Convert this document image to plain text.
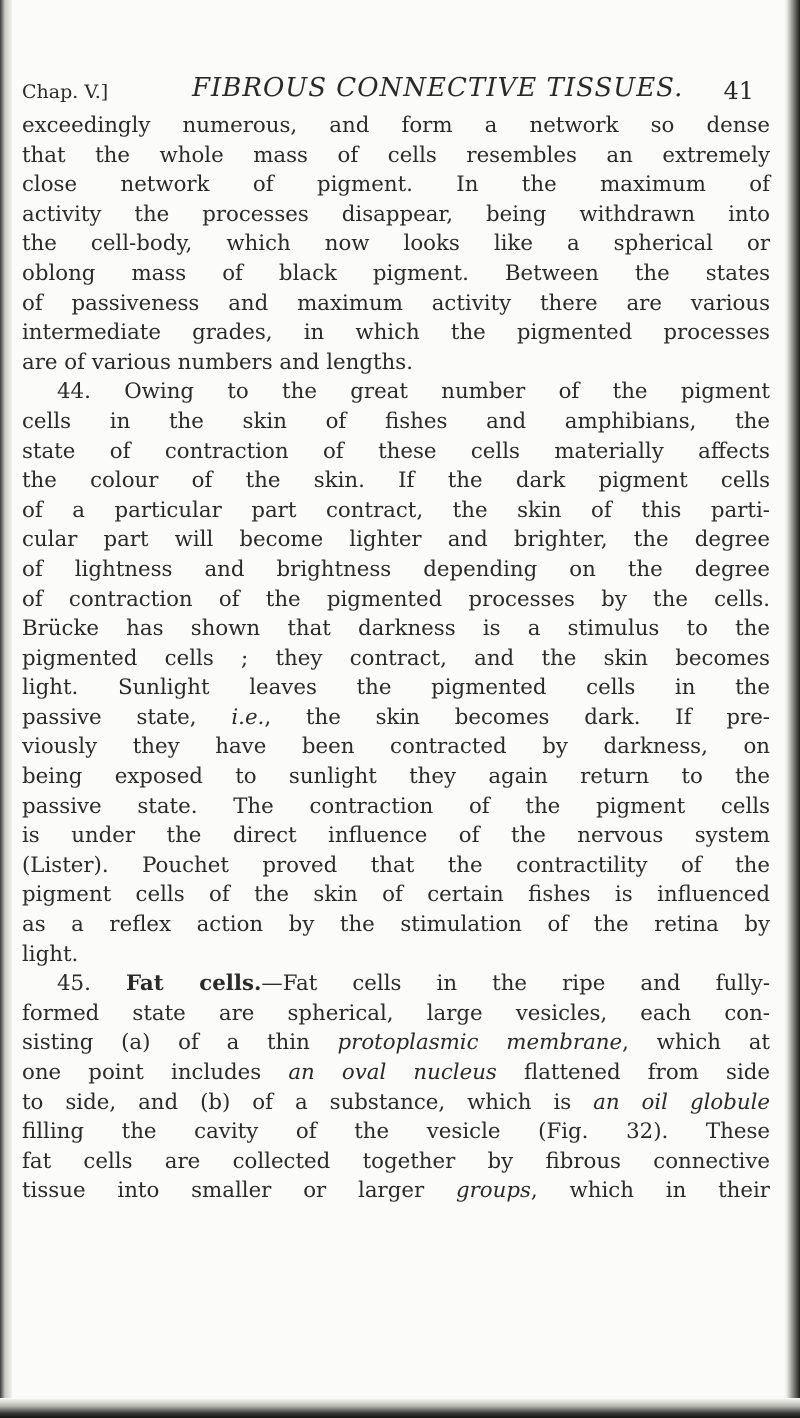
Chap. V.]	FIBROUS CONNECTIVE TISSUES. 41
exceedingly numerous, and form a network so dense
that the whole mass of cells resembles an extremely
close network of pigment. In the maximum of
activity the processes disappear, being withdrawn into
the cell-body, which now looks like a spherical or
oblong mass of black pigment. Between the states
of passiveness and maximum activity there are various
intermediate grades, in which the pigmented processes
are of various numbers and lengths.
44. Owing to the great number of the pigment
cells in the skin of fishes and amphibians, the
state of contraction of these cells materially affects
the colour of the skin. If the dark pigment cells
of a particular part contract, the skin of this parti-
cular part will become lighter and brighter, the degree
of lightness and brightness depending on the degree
of contraction of the pigmented processes by the cells.
Brücke has shown that darkness is a stimulus to the
pigmented cells ; they contract, and the skin becomes
light. Sunlight leaves the pigmented cells in the
passive state, i.e., the skin becomes dark. If pre-
viously they have been contracted by darkness, on
being exposed to sunlight they again return to the
passive state. The contraction of the pigment cells
is under the direct influence of the nervous system
(Lister). Pouchet proved that the contractility of the
pigment cells of the skin of certain fishes is influenced
as a reflex action by the stimulation of the retina by
light.
45. Fat cells.—Fat cells in the ripe and fully-
formed state are spherical, large vesicles, each con-
sisting (a) of a thin protoplasmic membrane, which at
one point includes an oval nucleus flattened from side
to side, and (b) of a substance, which is an oil globule
filling the cavity of the vesicle (Fig. 32). These
fat cells are collected together by fibrous connective
tissue into smaller or larger groups, which in their
